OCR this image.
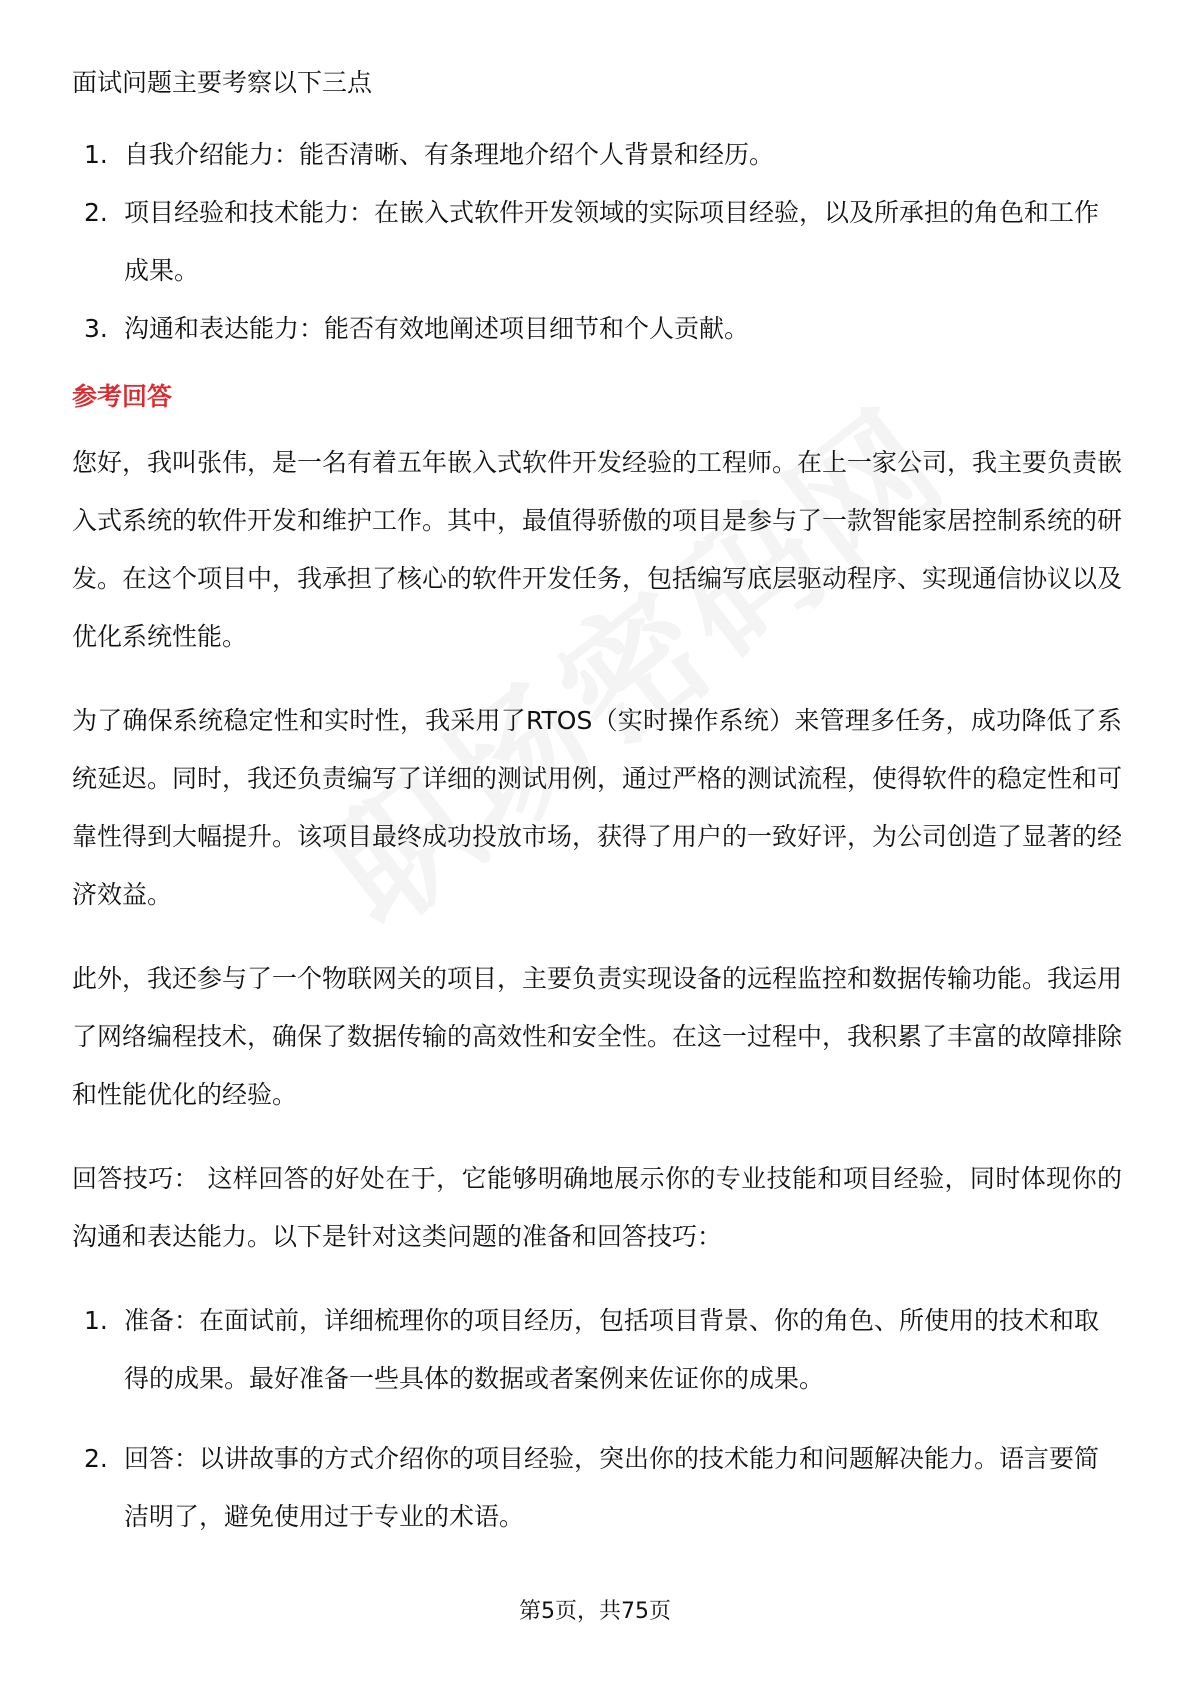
面试问题主要考察以下三点

1. 自我介绍能力：能否清晰、有条理地介绍个人背景和经历。
2. 项目经验和技术能力：在嵌入式软件开发领域的实际项目经验，以及所承担的角色和工作成果。
3. 沟通和表达能力：能否有效地阐述项目细节和个人贡献。
参考回答

您好，我叫张伟，是一名有着五年嵌入式软件开发经验的工程师。在上一家公司，我主要负责嵌入式系统的软件开发和维护工作。其中，最值得骄傲的项目是参与了一款智能家居控制系统的研发。在这个项目中，我承担了核心的软件开发任务，包括编写底层驱动程序、实现通信协议以及优化系统性能。

为了确保系统稳定性和实时性，我采用了RTOS（实时操作系统）来管理多任务，成功降低了系统延迟。同时，我还负责编写了详细的测试用例，通过严格的测试流程，使得软件的稳定性和可靠性得到大幅提升。该项目最终成功投放市场，获得了用户的一致好评，为公司创造了显著的经济效益。

此外，我还参与了一个物联网关的项目，主要负责实现设备的远程监控和数据传输功能。我运用了网络编程技术，确保了数据传输的高效性和安全性。在这一过程中，我积累了丰富的故障排除和性能优化的经验。

回答技巧： 这样回答的好处在于，它能够明确地展示你的专业技能和项目经验，同时体现你的沟通和表达能力。以下是针对这类问题的准备和回答技巧：

1. 准备：在面试前，详细梳理你的项目经历，包括项目背景、你的角色、所使用的技术和取得的成果。最好准备一些具体的数据或者案例来佐证你的成果。
2. 回答：以讲故事的方式介绍你的项目经验，突出你的技术能力和问题解决能力。语言要简洁明了，避免使用过于专业的术语。
第5页，共75页
